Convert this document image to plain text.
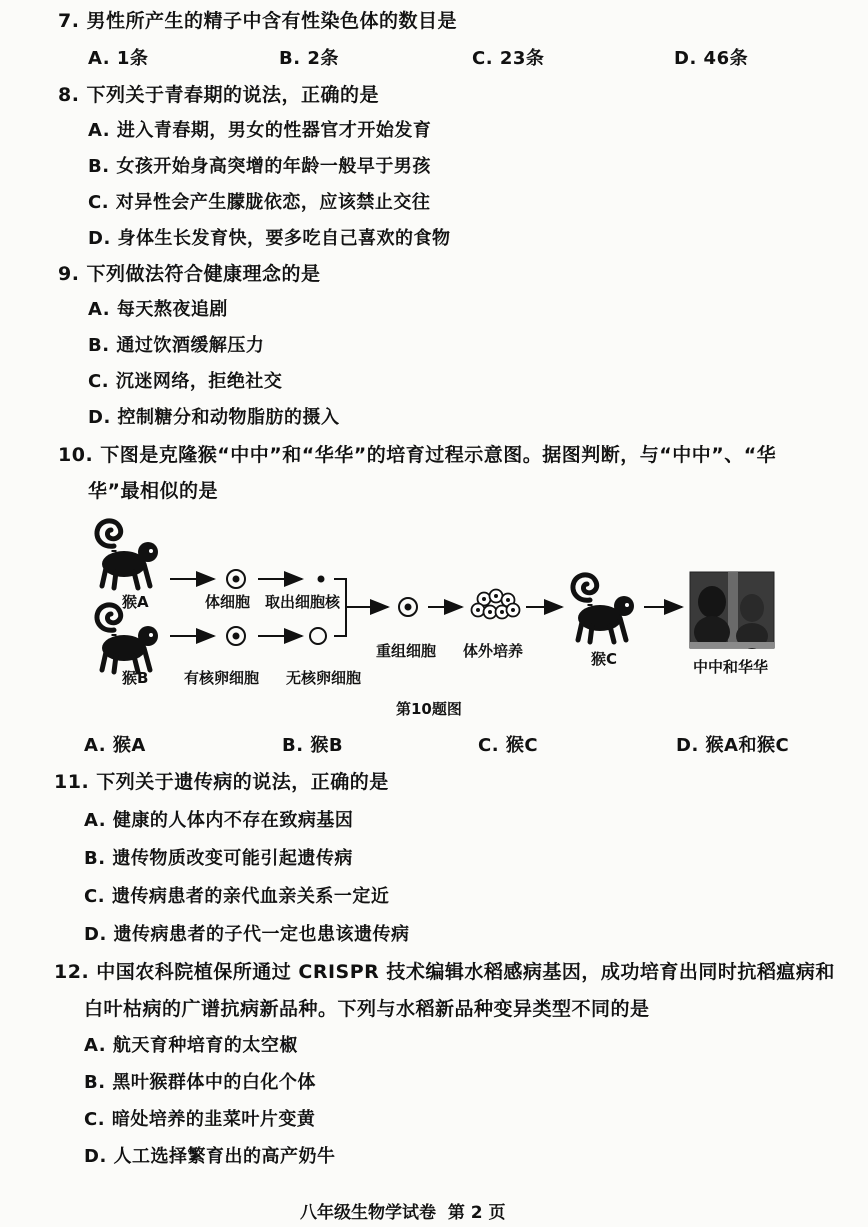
7. 男性所产生的精子中含有性染色体的数目是
A. 1条	B. 2条	C. 23条	D. 46条
8. 下列关于青春期的说法，正确的是
A. 进入青春期，男女的性器官才开始发育
B. 女孩开始身高突增的年龄一般早于男孩
C. 对异性会产生朦胧依恋，应该禁止交往
D. 身体生长发育快，要多吃自己喜欢的食物
9. 下列做法符合健康理念的是
A. 每天熬夜追剧
B. 通过饮酒缓解压力
C. 沉迷网络，拒绝社交
D. 控制糖分和动物脂肪的摄入
10. 下图是克隆猴“中中”和“华华”的培育过程示意图。据图判断，与“中中”、“华
华”最相似的是
猴A	体细胞 取出细胞核
猴B 有核卵细胞 无核卵细胞
重组细胞 体外培养	猴C	中中和华华
第10题图
A. 猴A	B. 猴B	C. 猴C	D. 猴A和猴C
11. 下列关于遗传病的说法，正确的是
A. 健康的人体内不存在致病基因
B. 遗传物质改变可能引起遗传病
C. 遗传病患者的亲代血亲关系一定近
D. 遗传病患者的子代一定也患该遗传病
12. 中国农科院植保所通过 CRISPR 技术编辑水稻感病基因，成功培育出同时抗稻瘟病和
白叶枯病的广谱抗病新品种。下列与水稻新品种变异类型不同的是
A. 航天育种培育的太空椒
B. 黑叶猴群体中的白化个体
C. 暗处培养的韭菜叶片变黄
D. 人工选择繁育出的高产奶牛
八年级生物学试卷  第 2 页
